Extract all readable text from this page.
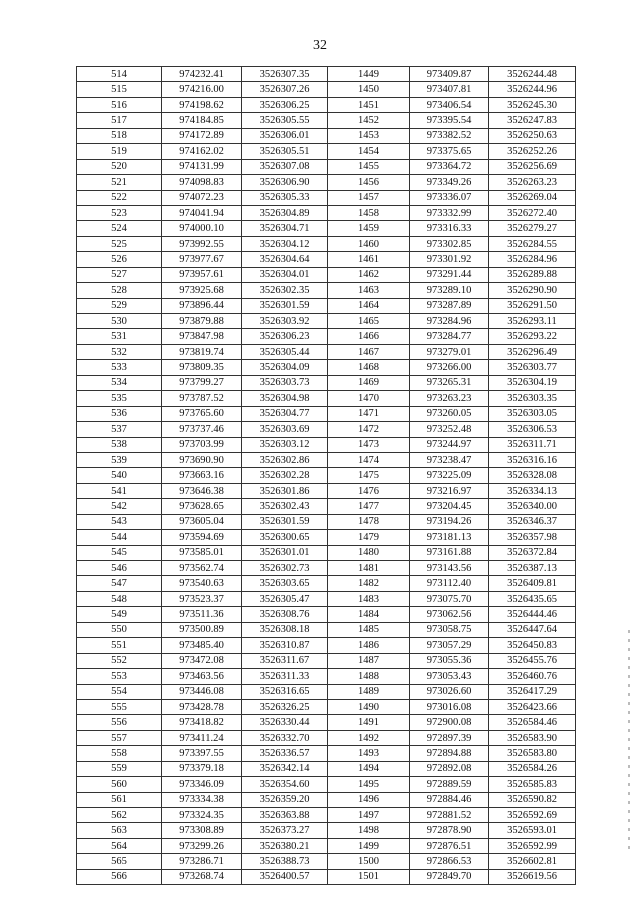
32
514	974232.41	3526307.35	1449	973409.87	3526244.48
515	974216.00	3526307.26	1450	973407.81	3526244.96
516	974198.62	3526306.25	1451	973406.54	3526245.30
517	974184.85	3526305.55	1452	973395.54	3526247.83
518	974172.89	3526306.01	1453	973382.52	3526250.63
519	974162.02	3526305.51	1454	973375.65	3526252.26
520	974131.99	3526307.08	1455	973364.72	3526256.69
521	974098.83	3526306.90	1456	973349.26	3526263.23
522	974072.23	3526305.33	1457	973336.07	3526269.04
523	974041.94	3526304.89	1458	973332.99	3526272.40
524	974000.10	3526304.71	1459	973316.33	3526279.27
525	973992.55	3526304.12	1460	973302.85	3526284.55
526	973977.67	3526304.64	1461	973301.92	3526284.96
527	973957.61	3526304.01	1462	973291.44	3526289.88
528	973925.68	3526302.35	1463	973289.10	3526290.90
529	973896.44	3526301.59	1464	973287.89	3526291.50
530	973879.88	3526303.92	1465	973284.96	3526293.11
531	973847.98	3526306.23	1466	973284.77	3526293.22
532	973819.74	3526305.44	1467	973279.01	3526296.49
533	973809.35	3526304.09	1468	973266.00	3526303.77
534	973799.27	3526303.73	1469	973265.31	3526304.19
535	973787.52	3526304.98	1470	973263.23	3526303.35
536	973765.60	3526304.77	1471	973260.05	3526303.05
537	973737.46	3526303.69	1472	973252.48	3526306.53
538	973703.99	3526303.12	1473	973244.97	3526311.71
539	973690.90	3526302.86	1474	973238.47	3526316.16
540	973663.16	3526302.28	1475	973225.09	3526328.08
541	973646.38	3526301.86	1476	973216.97	3526334.13
542	973628.65	3526302.43	1477	973204.45	3526340.00
543	973605.04	3526301.59	1478	973194.26	3526346.37
544	973594.69	3526300.65	1479	973181.13	3526357.98
545	973585.01	3526301.01	1480	973161.88	3526372.84
546	973562.74	3526302.73	1481	973143.56	3526387.13
547	973540.63	3526303.65	1482	973112.40	3526409.81
548	973523.37	3526305.47	1483	973075.70	3526435.65
549	973511.36	3526308.76	1484	973062.56	3526444.46
550	973500.89	3526308.18	1485	973058.75	3526447.64
551	973485.40	3526310.87	1486	973057.29	3526450.83
552	973472.08	3526311.67	1487	973055.36	3526455.76
553	973463.56	3526311.33	1488	973053.43	3526460.76
554	973446.08	3526316.65	1489	973026.60	3526417.29
555	973428.78	3526326.25	1490	973016.08	3526423.66
556	973418.82	3526330.44	1491	972900.08	3526584.46
557	973411.24	3526332.70	1492	972897.39	3526583.90
558	973397.55	3526336.57	1493	972894.88	3526583.80
559	973379.18	3526342.14	1494	972892.08	3526584.26
560	973346.09	3526354.60	1495	972889.59	3526585.83
561	973334.38	3526359.20	1496	972884.46	3526590.82
562	973324.35	3526363.88	1497	972881.52	3526592.69
563	973308.89	3526373.27	1498	972878.90	3526593.01
564	973299.26	3526380.21	1499	972876.51	3526592.99
565	973286.71	3526388.73	1500	972866.53	3526602.81
566	973268.74	3526400.57	1501	972849.70	3526619.56
